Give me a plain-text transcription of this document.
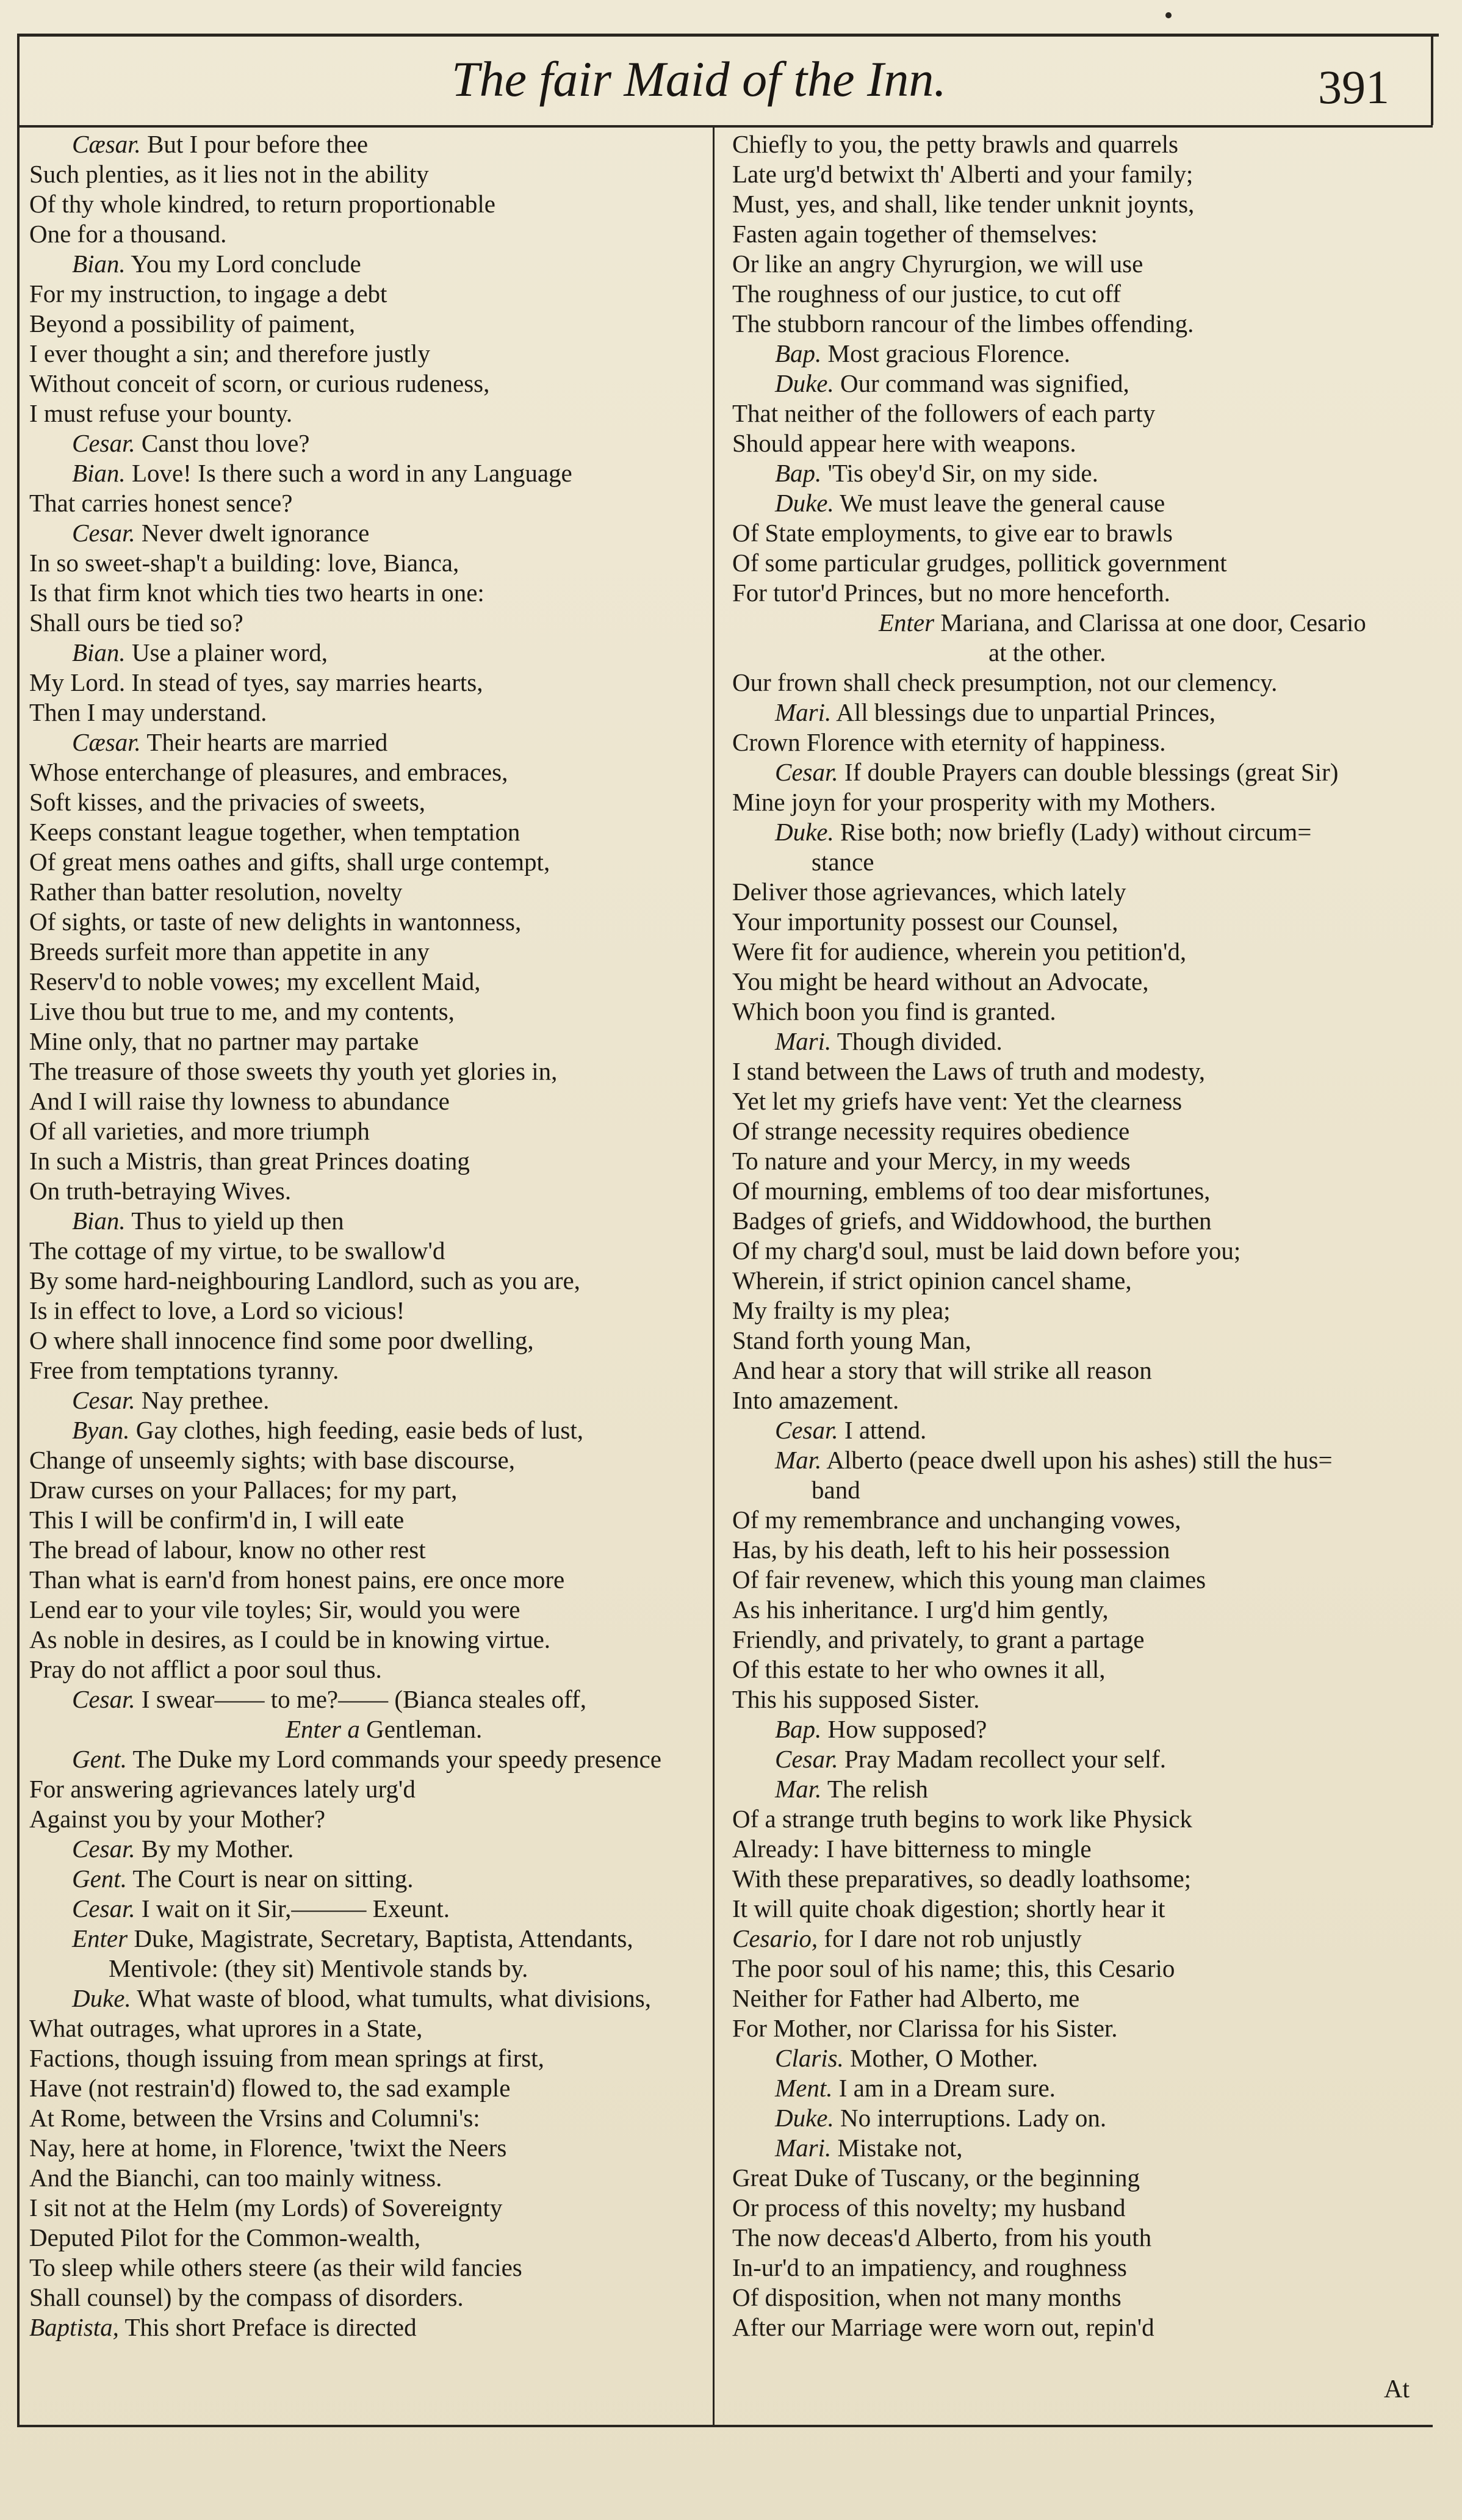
The fair Maid of the Inn.	391
Cæsar. But I pour before thee
Such plenties, as it lies not in the ability
Of thy whole kindred, to return proportionable
One for a thousand.
Bian. You my Lord conclude
For my instruction, to ingage a debt
Beyond a possibility of paiment,
I ever thought a sin; and therefore justly
Without conceit of scorn, or curious rudeness,
I must refuse your bounty.
Cesar. Canst thou love?
Bian. Love! Is there such a word in any Language
That carries honest sence?
Cesar. Never dwelt ignorance
In so sweet-shap't a building: love, Bianca,
Is that firm knot which ties two hearts in one:
Shall ours be tied so?
Bian. Use a plainer word,
My Lord. In stead of tyes, say marries hearts,
Then I may understand.
Cæsar. Their hearts are married
Whose enterchange of pleasures, and embraces,
Soft kisses, and the privacies of sweets,
Keeps constant league together, when temptation
Of great mens oathes and gifts, shall urge contempt,
Rather than batter resolution, novelty
Of sights, or taste of new delights in wantonness,
Breeds surfeit more than appetite in any
Reserv'd to noble vowes; my excellent Maid,
Live thou but true to me, and my contents,
Mine only, that no partner may partake
The treasure of those sweets thy youth yet glories in,
And I will raise thy lowness to abundance
Of all varieties, and more triumph
In such a Mistris, than great Princes doating
On truth-betraying Wives.
Bian. Thus to yield up then
The cottage of my virtue, to be swallow'd
By some hard-neighbouring Landlord, such as you are,
Is in effect to love, a Lord so vicious!
O where shall innocence find some poor dwelling,
Free from temptations tyranny.
Cesar. Nay prethee.
Byan. Gay clothes, high feeding, easie beds of lust,
Change of unseemly sights; with base discourse,
Draw curses on your Pallaces; for my part,
This I will be confirm'd in, I will eate
The bread of labour, know no other rest
Than what is earn'd from honest pains, ere once more
Lend ear to your vile toyles; Sir, would you were
As noble in desires, as I could be in knowing virtue.
Pray do not afflict a poor soul thus.
Cesar. I swear—— to me?—— (Bianca steales off,
Enter a Gentleman.
Gent. The Duke my Lord commands your speedy presence
For answering agrievances lately urg'd
Against you by your Mother?
Cesar. By my Mother.
Gent. The Court is near on sitting.
Cesar. I wait on it Sir,——— Exeunt.
Enter Duke, Magistrate, Secretary, Baptista, Attendants,
Mentivole: (they sit) Mentivole stands by.
Duke. What waste of blood, what tumults, what divisions,
What outrages, what uprores in a State,
Factions, though issuing from mean springs at first,
Have (not restrain'd) flowed to, the sad example
At Rome, between the Vrsins and Columni's:
Nay, here at home, in Florence, 'twixt the Neers
And the Bianchi, can too mainly witness.
I sit not at the Helm (my Lords) of Sovereignty
Deputed Pilot for the Common-wealth,
To sleep while others steere (as their wild fancies
Shall counsel) by the compass of disorders.
Baptista, This short Preface is directed
Chiefly to you, the petty brawls and quarrels
Late urg'd betwixt th' Alberti and your family;
Must, yes, and shall, like tender unknit joynts,
Fasten again together of themselves:
Or like an angry Chyrurgion, we will use
The roughness of our justice, to cut off
The stubborn rancour of the limbes offending.
Bap. Most gracious Florence.
Duke. Our command was signified,
That neither of the followers of each party
Should appear here with weapons.
Bap. 'Tis obey'd Sir, on my side.
Duke. We must leave the general cause
Of State employments, to give ear to brawls
Of some particular grudges, pollitick government
For tutor'd Princes, but no more henceforth.
Enter Mariana, and Clarissa at one door, Cesario
at the other.
Our frown shall check presumption, not our clemency.
Mari. All blessings due to unpartial Princes,
Crown Florence with eternity of happiness.
Cesar. If double Prayers can double blessings (great Sir)
Mine joyn for your prosperity with my Mothers.
Duke. Rise both; now briefly (Lady) without circum=
stance
Deliver those agrievances, which lately
Your importunity possest our Counsel,
Were fit for audience, wherein you petition'd,
You might be heard without an Advocate,
Which boon you find is granted.
Mari. Though divided.
I stand between the Laws of truth and modesty,
Yet let my griefs have vent: Yet the clearness
Of strange necessity requires obedience
To nature and your Mercy, in my weeds
Of mourning, emblems of too dear misfortunes,
Badges of griefs, and Widdowhood, the burthen
Of my charg'd soul, must be laid down before you;
Wherein, if strict opinion cancel shame,
My frailty is my plea;
Stand forth young Man,
And hear a story that will strike all reason
Into amazement.
Cesar. I attend.
Mar. Alberto (peace dwell upon his ashes) still the hus=
band
Of my remembrance and unchanging vowes,
Has, by his death, left to his heir possession
Of fair revenew, which this young man claimes
As his inheritance. I urg'd him gently,
Friendly, and privately, to grant a partage
Of this estate to her who ownes it all,
This his supposed Sister.
Bap. How supposed?
Cesar. Pray Madam recollect your self.
Mar. The relish
Of a strange truth begins to work like Physick
Already: I have bitterness to mingle
With these preparatives, so deadly loathsome;
It will quite choak digestion; shortly hear it
Cesario, for I dare not rob unjustly
The poor soul of his name; this, this Cesario
Neither for Father had Alberto, me
For Mother, nor Clarissa for his Sister.
Claris. Mother, O Mother.
Ment. I am in a Dream sure.
Duke. No interruptions. Lady on.
Mari. Mistake not,
Great Duke of Tuscany, or the beginning
Or process of this novelty; my husband
The now deceas'd Alberto, from his youth
In-ur'd to an impatiency, and roughness
Of disposition, when not many months
After our Marriage were worn out, repin'd
At
